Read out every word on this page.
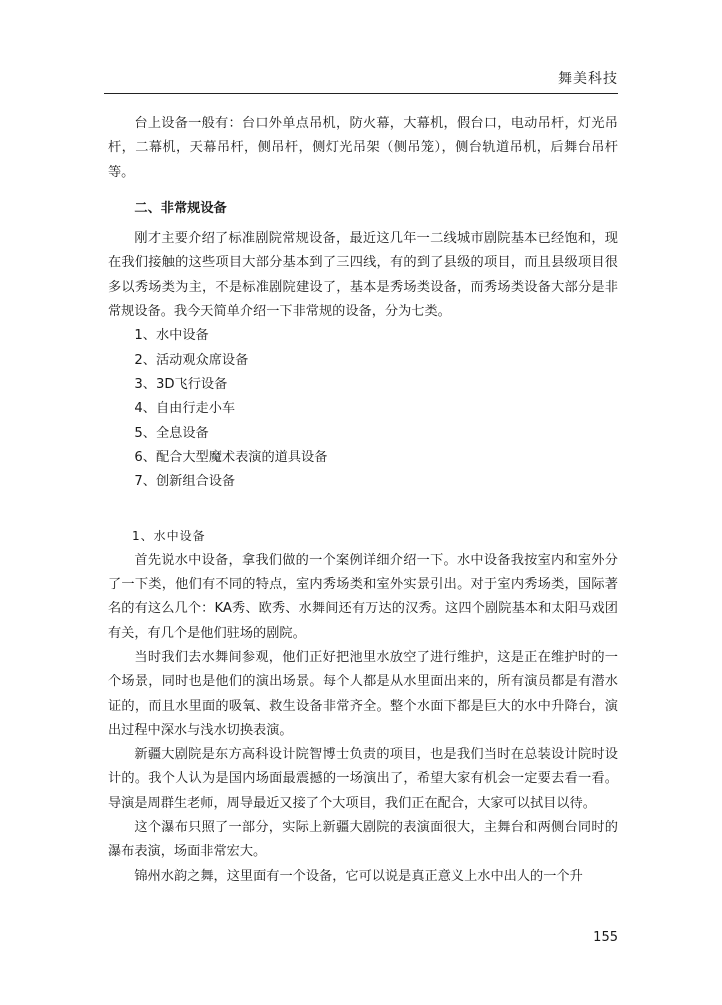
舞美科技

台上设备一般有：台口外单点吊机，防火幕，大幕机，假台口，电动吊杆，灯光吊杆，二幕机，天幕吊杆，侧吊杆，侧灯光吊架（侧吊笼），侧台轨道吊机，后舞台吊杆等。

二、非常规设备

刚才主要介绍了标准剧院常规设备，最近这几年一二线城市剧院基本已经饱和，现在我们接触的这些项目大部分基本到了三四线，有的到了县级的项目，而且县级项目很多以秀场类为主，不是标准剧院建设了，基本是秀场类设备，而秀场类设备大部分是非常规设备。我今天简单介绍一下非常规的设备，分为七类。

1、水中设备

2、活动观众席设备

3、3D飞行设备

4、自由行走小车

5、全息设备

6、配合大型魔术表演的道具设备

7、创新组合设备

1、水中设备

首先说水中设备，拿我们做的一个案例详细介绍一下。水中设备我按室内和室外分了一下类，他们有不同的特点，室内秀场类和室外实景引出。对于室内秀场类，国际著名的有这么几个：KA秀、欧秀、水舞间还有万达的汉秀。这四个剧院基本和太阳马戏团有关，有几个是他们驻场的剧院。

当时我们去水舞间参观，他们正好把池里水放空了进行维护，这是正在维护时的一个场景，同时也是他们的演出场景。每个人都是从水里面出来的，所有演员都是有潜水证的，而且水里面的吸氧、救生设备非常齐全。整个水面下都是巨大的水中升降台，演出过程中深水与浅水切换表演。

新疆大剧院是东方高科设计院智博士负责的项目，也是我们当时在总装设计院时设计的。我个人认为是国内场面最震撼的一场演出了，希望大家有机会一定要去看一看。导演是周群生老师，周导最近又接了个大项目，我们正在配合，大家可以拭目以待。

这个瀑布只照了一部分，实际上新疆大剧院的表演面很大，主舞台和两侧台同时的瀑布表演，场面非常宏大。

锦州水韵之舞，这里面有一个设备，它可以说是真正意义上水中出人的一个升

155
